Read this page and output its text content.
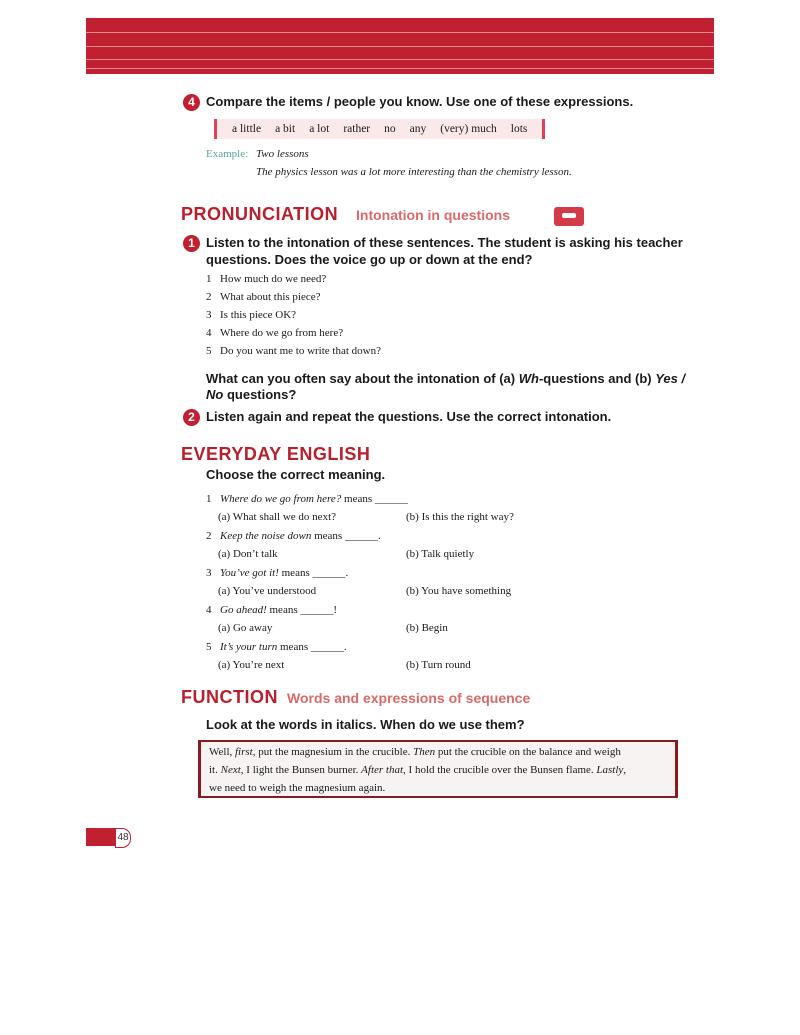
4 Compare the items / people you know. Use one of these expressions.
a little a bit a lot rather no any (very) much lots
Example: Two lessons
The physics lesson was a lot more interesting than the chemistry lesson.
PRONUNCIATION Intonation in questions
1 Listen to the intonation of these sentences. The student is asking his teacher
questions. Does the voice go up or down at the end?
1 How much do we need?
2 What about this piece?
3 Is this piece OK?
4 Where do we go from here?
5 Do you want me to write that down?
What can you often say about the intonation of (a) Wh-questions and (b) Yes /
No questions?
2 Listen again and repeat the questions. Use the correct intonation.
EVERYDAY ENGLISH
Choose the correct meaning.
1 Where do we go from here? means ______
(a) What shall we do next?	(b) Is this the right way?
2 Keep the noise down means ______.
(a) Don’t talk	(b) Talk quietly
3 You’ve got it! means ______.
(a) You’ve understood	(b) You have something
4 Go ahead! means ______!
(a) Go away	(b) Begin
5 It’s your turn means ______.
(a) You’re next	(b) Turn round
FUNCTION Words and expressions of sequence
Look at the words in italics. When do we use them?

Well, first, put the magnesium in the crucible. Then put the crucible on the balance and weigh

it. Next, I light the Bunsen burner. After that, I hold the crucible over the Bunsen flame. Lastly,

we need to weigh the magnesium again.

48
